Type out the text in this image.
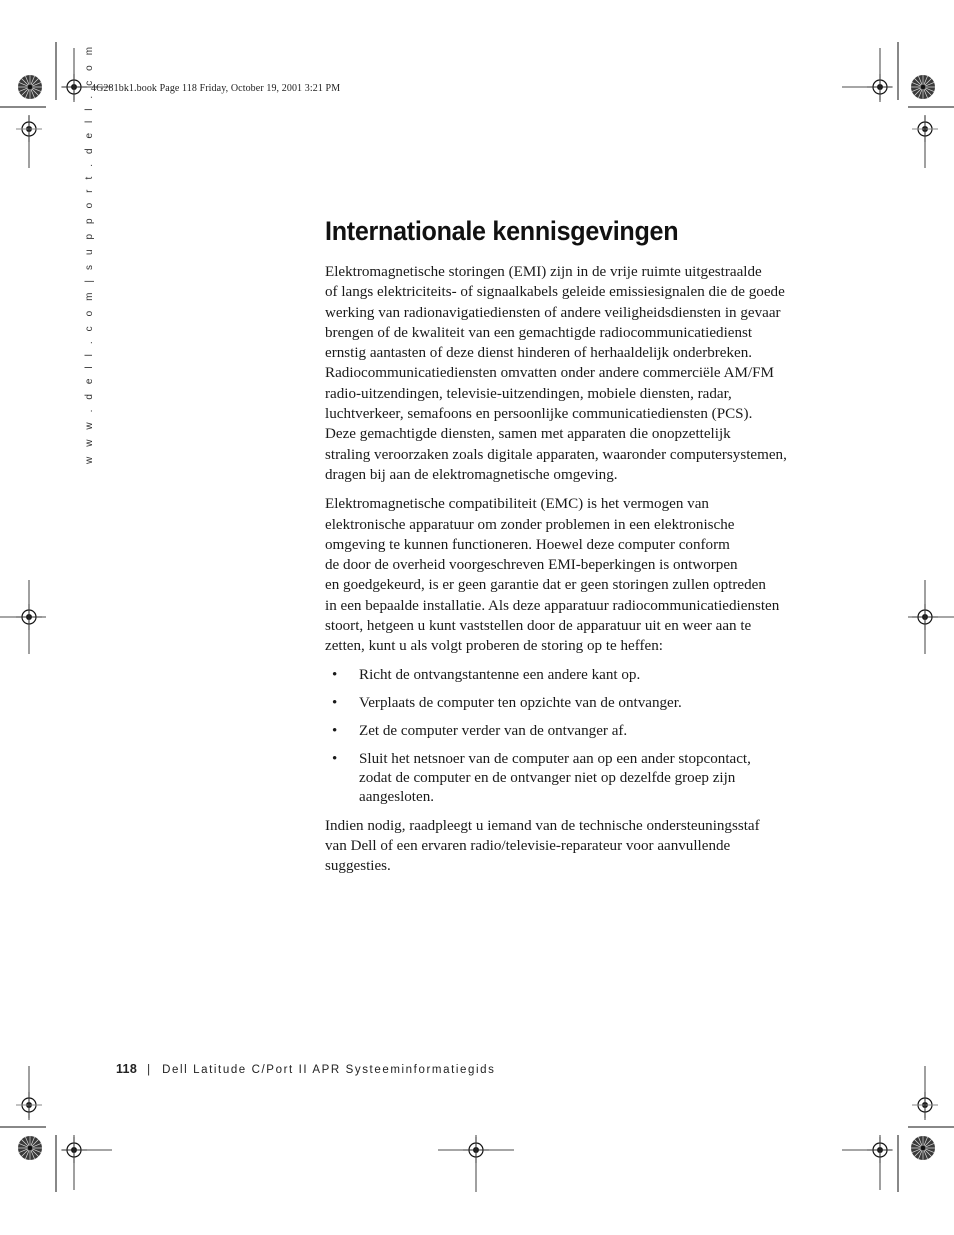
4G281bk1.book Page 118 Friday, October 19, 2001 3:21 PM
w w w . d e l l . c o m | s u p p o r t . d e l l . c o m	Internationale kennisgevingen

Elektromagnetische storingen (EMI) zijn in de vrije ruimte uitgestraalde
of langs elektriciteits- of signaalkabels geleide emissiesignalen die de goede
werking van radionavigatiediensten of andere veiligheidsdiensten in gevaar
brengen of de kwaliteit van een gemachtigde radiocommunicatiedienst
ernstig aantasten of deze dienst hinderen of herhaaldelijk onderbreken.
Radiocommunicatiediensten omvatten onder andere commerciële AM/FM
radio-uitzendingen, televisie-uitzendingen, mobiele diensten, radar,
luchtverkeer, semafoons en persoonlijke communicatiediensten (PCS).
Deze gemachtigde diensten, samen met apparaten die onopzettelijk
straling veroorzaken zoals digitale apparaten, waaronder computersystemen,
dragen bij aan de elektromagnetische omgeving.

Elektromagnetische compatibiliteit (EMC) is het vermogen van
elektronische apparatuur om zonder problemen in een elektronische
omgeving te kunnen functioneren. Hoewel deze computer conform
de door de overheid voorgeschreven EMI-beperkingen is ontworpen
en goedgekeurd, is er geen garantie dat er geen storingen zullen optreden
in een bepaalde installatie. Als deze apparatuur radiocommunicatiediensten
stoort, hetgeen u kunt vaststellen door de apparatuur uit en weer aan te
zetten, kunt u als volgt proberen de storing op te heffen:

• Richt de ontvangstantenne een andere kant op.
• Verplaats de computer ten opzichte van de ontvanger.
• Zet de computer verder van de ontvanger af.
• Sluit het netsnoer van de computer aan op een ander stopcontact,
zodat de computer en de ontvanger niet op dezelfde groep zijn
aangesloten.

Indien nodig, raadpleegt u iemand van de technische ondersteuningsstaf
van Dell of een ervaren radio/televisie-reparateur voor aanvullende
suggesties.

118 | Dell Latitude C/Port II APR Systeeminformatiegids
